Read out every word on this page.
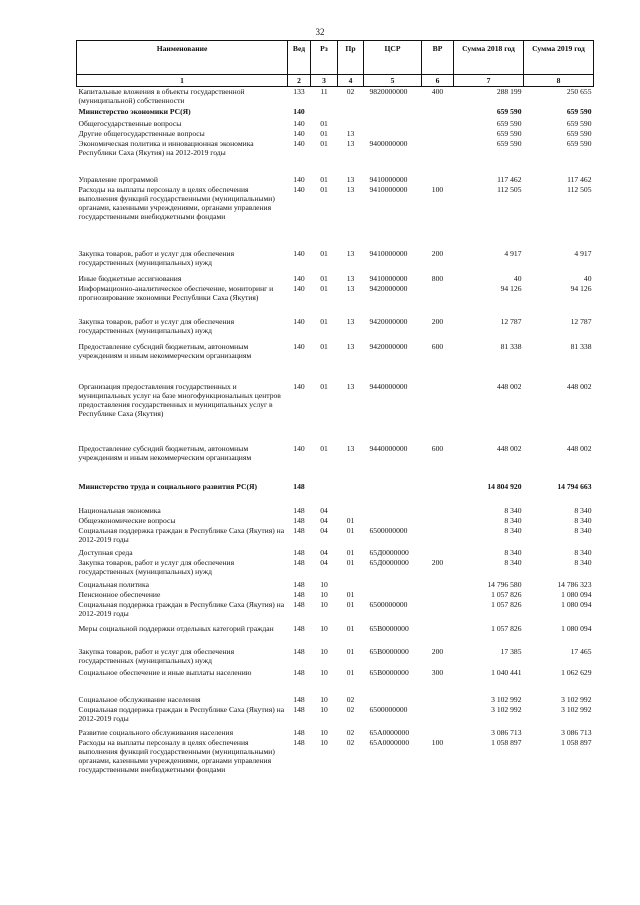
32
Наименование	Вед	Рз	Пр	ЦСР	ВР	Сумма 2018 год	Сумма 2019 год
1	2	3	4	5	6	7	8
Капитальные вложения в объекты государственной (муниципальной) собственности	133	11	02	9820000000	400	288 199	250 655
Министерство экономики РС(Я)	140					659 590	659 590
Общегосударственные вопросы	140	01				659 590	659 590
Другие общегосударственные вопросы	140	01	13			659 590	659 590
Экономическая политика и инновационная экономика Республики Саха (Якутия) на 2012-2019 годы	140	01	13	9400000000		659 590	659 590
Управление программой	140	01	13	9410000000		117 462	117 462
Расходы на выплаты персоналу в целях обеспечения выполнения функций государственными (муниципальными) органами, казенными учреждениями, органами управления государственными внебюджетными фондами	140	01	13	9410000000	100	112 505	112 505
Закупка товаров, работ и услуг для обеспечения государственных (муниципальных) нужд	140	01	13	9410000000	200	4 917	4 917
Иные бюджетные ассигнования	140	01	13	9410000000	800	40	40
Информационно-аналитическое обеспечение, мониторинг и прогнозирование экономики Республики Саха (Якутия)	140	01	13	9420000000		94 126	94 126
Закупка товаров, работ и услуг для обеспечения государственных (муниципальных) нужд	140	01	13	9420000000	200	12 787	12 787
Предоставление субсидий бюджетным, автономным учреждениям и иным некоммерческим организациям	140	01	13	9420000000	600	81 338	81 338
Организация предоставления государственных и муниципальных услуг на базе многофункциональных центров предоставления государственных и муниципальных услуг в Республике Саха (Якутия)	140	01	13	9440000000		448 002	448 002
Предоставление субсидий бюджетным, автономным учреждениям и иным некоммерческим организациям	140	01	13	9440000000	600	448 002	448 002
Министерство труда и социального развития РС(Я)	148					14 804 920	14 794 663
Национальная экономика	148	04				8 340	8 340
Общеэкономические вопросы	148	04	01			8 340	8 340
Социальная поддержка граждан в Республике Саха (Якутия) на 2012-2019 годы	148	04	01	6500000000		8 340	8 340
Доступная среда	148	04	01	65Д0000000		8 340	8 340
Закупка товаров, работ и услуг для обеспечения государственных (муниципальных) нужд	148	04	01	65Д0000000	200	8 340	8 340
Социальная политика	148	10				14 796 580	14 786 323
Пенсионное обеспечение	148	10	01			1 057 826	1 080 094
Социальная поддержка граждан в Республике Саха (Якутия) на 2012-2019 годы	148	10	01	6500000000		1 057 826	1 080 094
Меры социальной поддержки отдельных категорий граждан	148	10	01	65В0000000		1 057 826	1 080 094
Закупка товаров, работ и услуг для обеспечения государственных (муниципальных) нужд	148	10	01	65В0000000	200	17 385	17 465
Социальное обеспечение и иные выплаты населению	148	10	01	65В0000000	300	1 040 441	1 062 629
Социальное обслуживание населения	148	10	02			3 102 992	3 102 992
Социальная поддержка граждан в Республике Саха (Якутия) на 2012-2019 годы	148	10	02	6500000000		3 102 992	3 102 992
Развитие социального обслуживания населения	148	10	02	65А0000000		3 086 713	3 086 713
Расходы на выплаты персоналу в целях обеспечения выполнения функций государственными (муниципальными) органами, казенными учреждениями, органами управления государственными внебюджетными фондами	148	10	02	65А0000000	100	1 058 897	1 058 897
